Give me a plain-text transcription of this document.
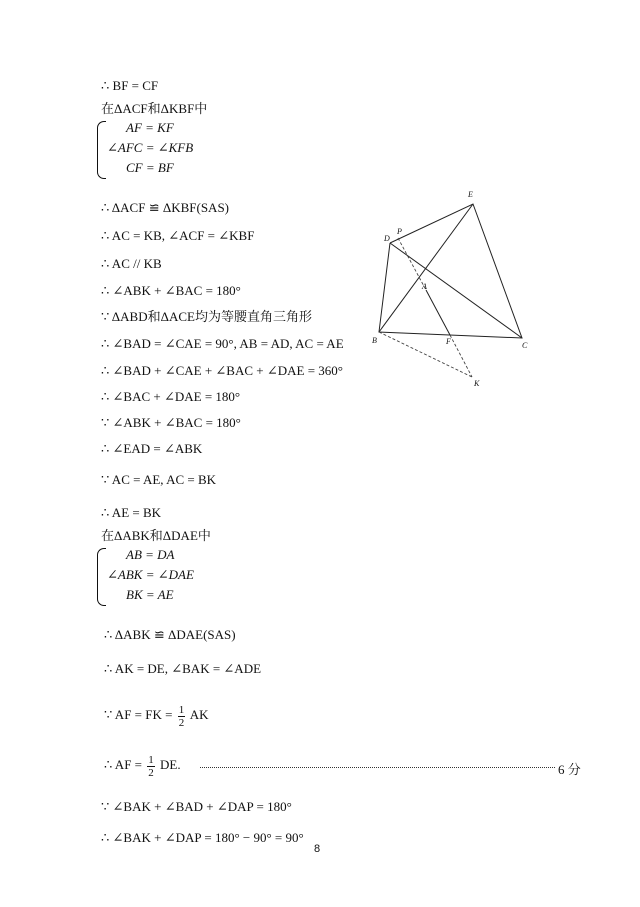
∴ BF = CF
在ΔACF和ΔKBF中
AF = KF
∠AFC = ∠KFB
CF = BF
∴ ΔACF ≌ ΔKBF(SAS)
∴ AC = KB, ∠ACF = ∠KBF
∴ AC // KB
∴ ∠ABK + ∠BAC = 180°
∵ ΔABD和ΔACE均为等腰直角三角形
∴ ∠BAD = ∠CAE = 90°, AB = AD, AC = AE
∴ ∠BAD + ∠CAE + ∠BAC + ∠DAE = 360°
∴ ∠BAC + ∠DAE = 180°
∵ ∠ABK + ∠BAC = 180°
∴ ∠EAD = ∠ABK
∵ AC = AE, AC = BK
∴ AE = BK
在ΔABK和ΔDAE中
AB = DA
∠ABK = ∠DAE
BK = AE
∴ ΔABK ≌ ΔDAE(SAS)
∴ AK = DE, ∠BAK = ∠ADE
∵ AF = FK = $\frac{1}{2}$ AK
∴ AF = $\frac{1}{2}$ DE.	6 分
∵ ∠BAK + ∠BAD + ∠DAP = 180°
∴ ∠BAK + ∠DAP = 180° − 90° = 90°
8
E
D
P
A
B	F	C
K
